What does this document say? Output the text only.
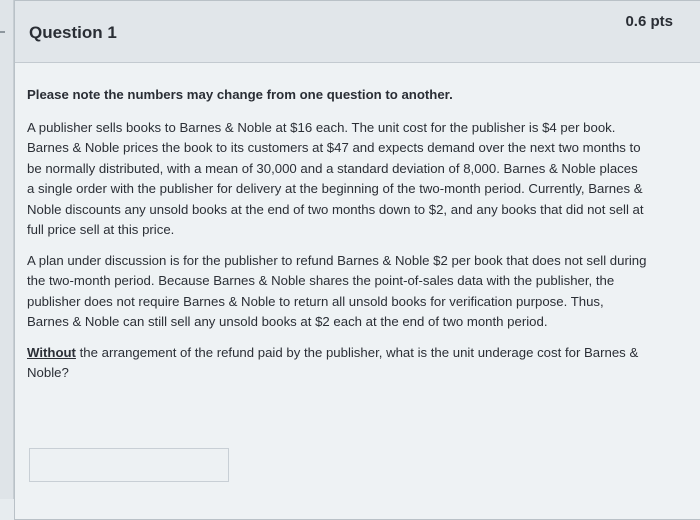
Question 1
0.6 pts

Please note the numbers may change from one question to another.

A publisher sells books to Barnes & Noble at $16 each. The unit cost for the publisher is $4 per book. Barnes & Noble prices the book to its customers at $47 and expects demand over the next two months to be normally distributed, with a mean of 30,000 and a standard deviation of 8,000. Barnes & Noble places a single order with the publisher for delivery at the beginning of the two-month period. Currently, Barnes & Noble discounts any unsold books at the end of two months down to $2, and any books that did not sell at full price sell at this price.

A plan under discussion is for the publisher to refund Barnes & Noble $2 per book that does not sell during the two-month period. Because Barnes & Noble shares the point-of-sales data with the publisher, the publisher does not require Barnes & Noble to return all unsold books for verification purpose. Thus, Barnes & Noble can still sell any unsold books at $2 each at the end of two month period.

Without the arrangement of the refund paid by the publisher, what is the unit underage cost for Barnes & Noble?
